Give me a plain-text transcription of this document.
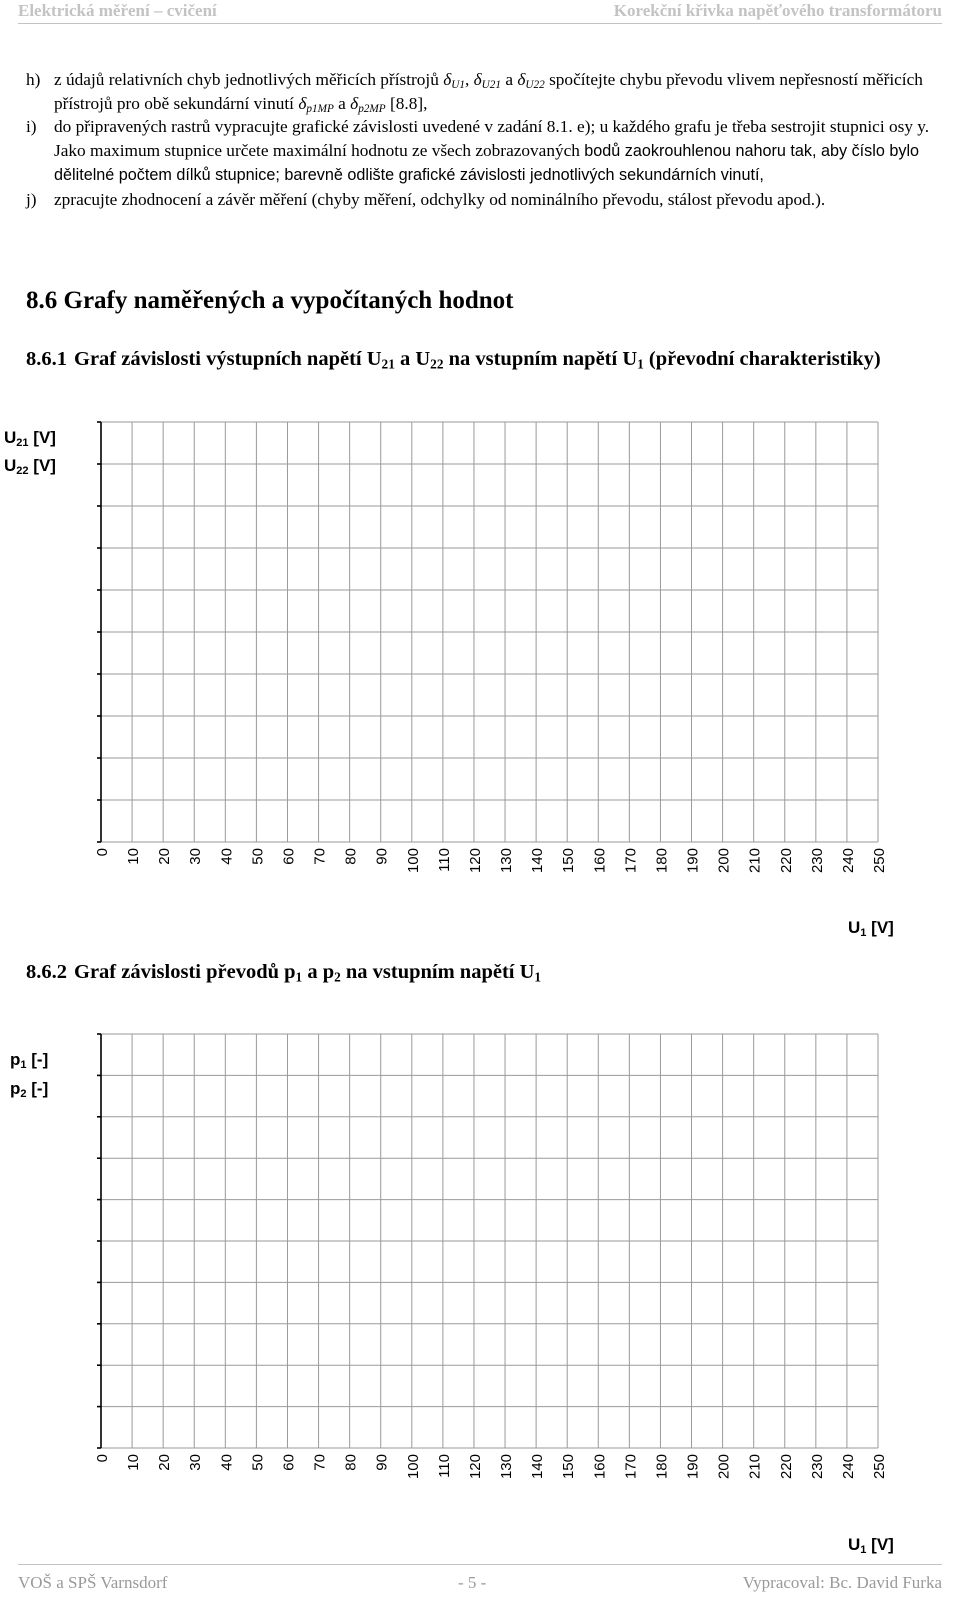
Elektrická měření – cvičení	Korekční křivka napěťového transformátoru
h) z údajů relativních chyb jednotlivých měřicích přístrojů $\delta_{U1}$, $\delta_{U21}$ a $\delta_{U22}$ spočítejte chybu převodu vlivem nepřesností měřicích přístrojů pro obě sekundární vinutí $\delta_{p1MP}$ a $\delta_{p2MP}$ [8.8],
i)	do připravených rastrů vypracujte grafické závislosti uvedené v zadání 8.1. e); u každého grafu je třeba sestrojit stupnici osy y. Jako maximum stupnice určete maximální hodnotu ze všech zobrazovaných bodů zaokrouhlenou nahoru tak, aby číslo bylo dělitelné počtem dílků stupnice; barevně odlište grafické závislosti jednotlivých sekundárních vinutí,
j)	zpracujte zhodnocení a závěr měření (chyby měření, odchylky od nominálního převodu, stálost převodu apod.).
8.6 Grafy naměřených a vypočítaných hodnot
8.6.1 Graf závislosti výstupních napětí $U_{21}$ a $U_{22}$ na vstupním napětí $U_1$ (převodní charakteristiky)
$U_{21}$ [V]
$U_{22}$ [V]
0 10 20 30 40 50 60 70 80 90 100 110 120 130 140 150 160 170 180 190 200 210 220 230 240 250
$U_1$ [V]
8.6.2 Graf závislosti převodů $p_1$ a $p_2$ na vstupním napětí $U_1$
$p_1$ [-]
$p_2$ [-]
0 10 20 30 40 50 60 70 80 90 100 110 120 130 140 150 160 170 180 190 200 210 220 230 240 250
$U_1$ [V]
VOŠ a SPŠ Varnsdorf	- 5 -	Vypracoval: Bc. David Furka
